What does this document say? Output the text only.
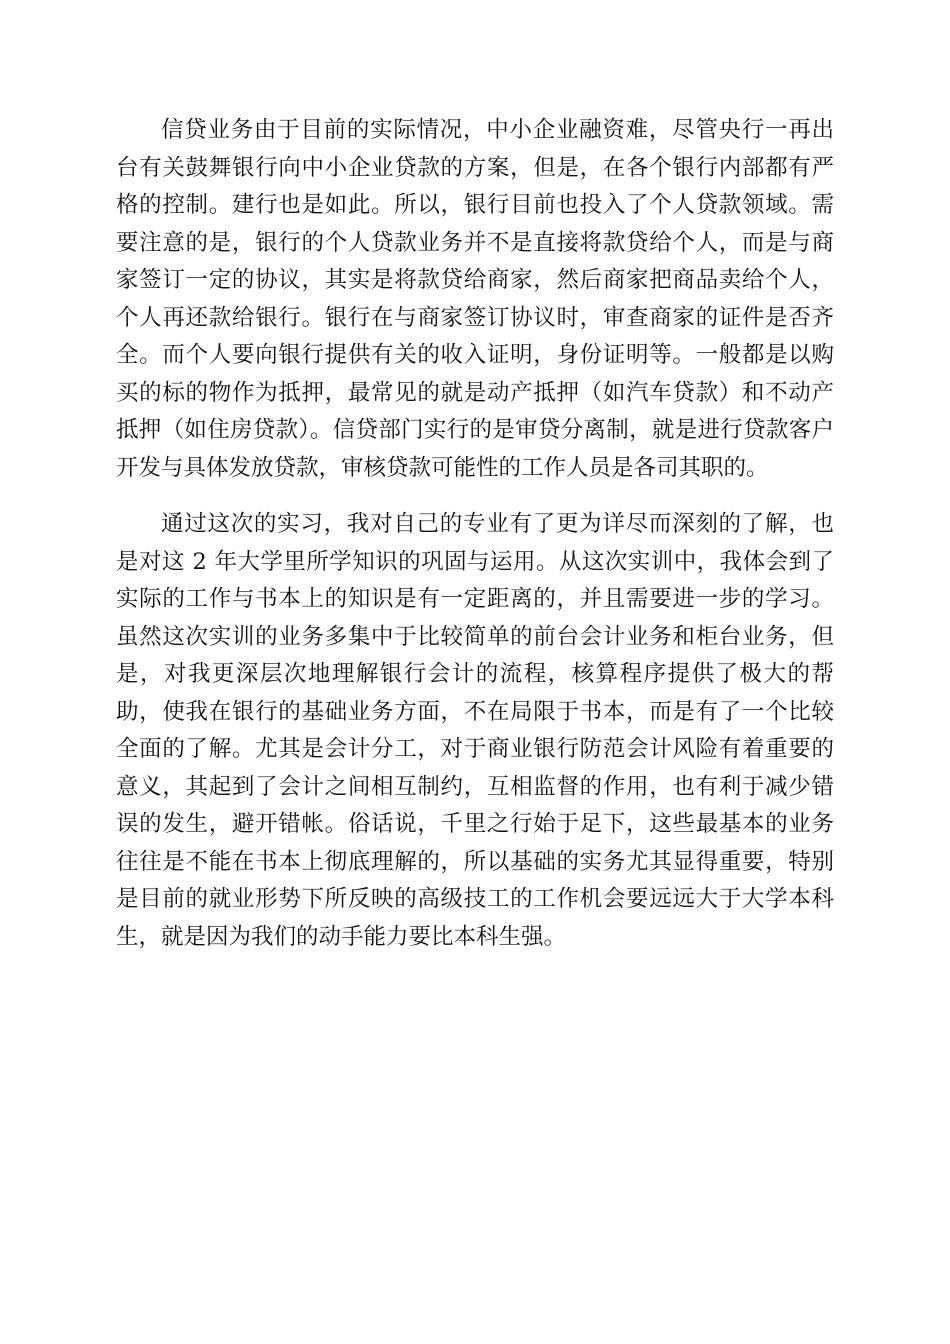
信贷业务由于目前的实际情况，中小企业融资难，尽管央行一再出台有关鼓舞银行向中小企业贷款的方案，但是，在各个银行内部都有严格的控制。建行也是如此。所以，银行目前也投入了个人贷款领域。需要注意的是，银行的个人贷款业务并不是直接将款贷给个人，而是与商家签订一定的协议，其实是将款贷给商家，然后商家把商品卖给个人，个人再还款给银行。银行在与商家签订协议时，审查商家的证件是否齐全。而个人要向银行提供有关的收入证明，身份证明等。一般都是以购买的标的物作为抵押，最常见的就是动产抵押（如汽车贷款）和不动产抵押（如住房贷款）。信贷部门实行的是审贷分离制，就是进行贷款客户开发与具体发放贷款，审核贷款可能性的工作人员是各司其职的。

通过这次的实习，我对自己的专业有了更为详尽而深刻的了解，也是对这 2 年大学里所学知识的巩固与运用。从这次实训中，我体会到了实际的工作与书本上的知识是有一定距离的，并且需要进一步的学习。虽然这次实训的业务多集中于比较简单的前台会计业务和柜台业务，但是，对我更深层次地理解银行会计的流程，核算程序提供了极大的帮助，使我在银行的基础业务方面，不在局限于书本，而是有了一个比较全面的了解。尤其是会计分工，对于商业银行防范会计风险有着重要的意义，其起到了会计之间相互制约，互相监督的作用，也有利于减少错误的发生，避开错帐。俗话说，千里之行始于足下，这些最基本的业务往往是不能在书本上彻底理解的，所以基础的实务尤其显得重要，特别是目前的就业形势下所反映的高级技工的工作机会要远远大于大学本科生，就是因为我们的动手能力要比本科生强。
